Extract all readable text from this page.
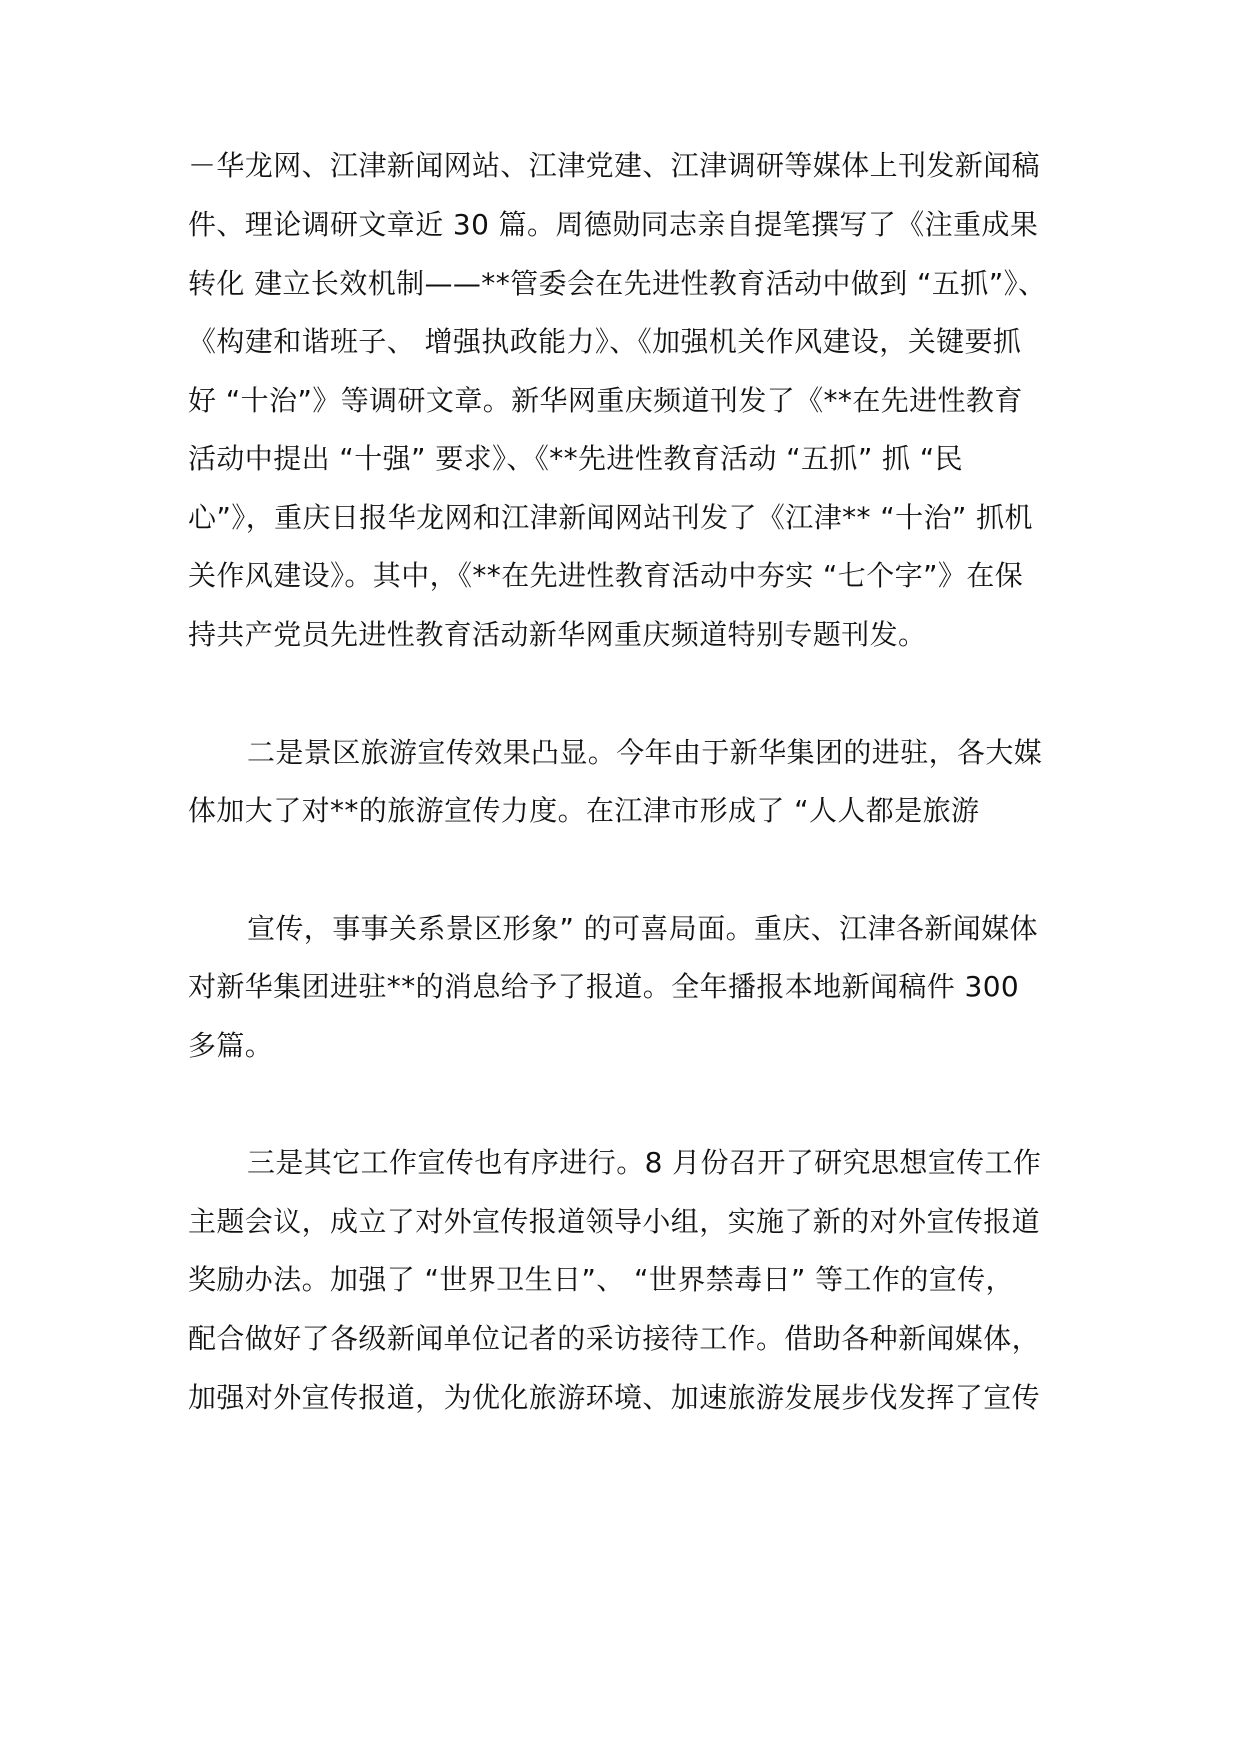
－华龙网、江津新闻网站、江津党建、江津调研等媒体上刊发新闻稿
件、理论调研文章近 30 篇。周德勋同志亲自提笔撰写了《注重成果
转化 建立长效机制——**管委会在先进性教育活动中做到 “五抓”》、
《构建和谐班子、 增强执政能力》、《加强机关作风建设，关键要抓
好 “十治”》等调研文章。新华网重庆频道刊发了《**在先进性教育
活动中提出 “十强” 要求》、《**先进性教育活动 “五抓” 抓 “民
心”》，重庆日报华龙网和江津新闻网站刊发了《江津** “十治” 抓机
关作风建设》。其中，《**在先进性教育活动中夯实 “七个字”》在保
持共产党员先进性教育活动新华网重庆频道特别专题刊发。
二是景区旅游宣传效果凸显。今年由于新华集团的进驻，各大媒
体加大了对**的旅游宣传力度。在江津市形成了 “人人都是旅游
宣传，事事关系景区形象” 的可喜局面。重庆、江津各新闻媒体
对新华集团进驻**的消息给予了报道。全年播报本地新闻稿件 300
多篇。
三是其它工作宣传也有序进行。8 月份召开了研究思想宣传工作
主题会议，成立了对外宣传报道领导小组，实施了新的对外宣传报道
奖励办法。加强了 “世界卫生日”、 “世界禁毒日” 等工作的宣传，
配合做好了各级新闻单位记者的采访接待工作。借助各种新闻媒体，
加强对外宣传报道，为优化旅游环境、加速旅游发展步伐发挥了宣传
